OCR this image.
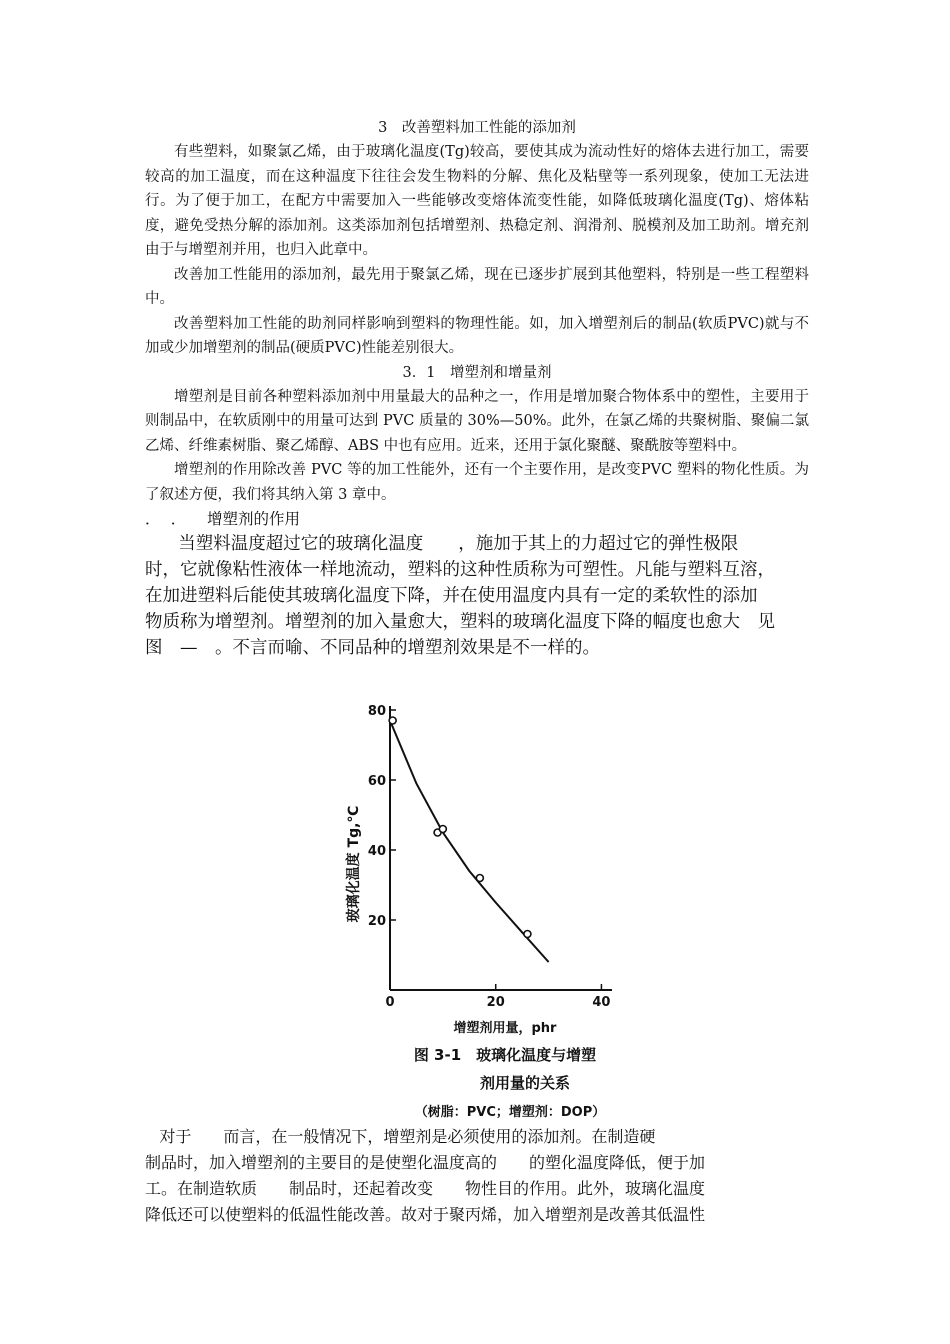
3　改善塑料加工性能的添加剂

有些塑料，如聚氯乙烯，由于玻璃化温度(Tg)较高，要使其成为流动性好的熔体去进行加工，需要较高的加工温度，而在这种温度下往往会发生物料的分解、焦化及粘壁等一系列现象，使加工无法进行。为了便于加工，在配方中需要加入一些能够改变熔体流变性能，如降低玻璃化温度(Tg)、熔体粘度，避免受热分解的添加剂。这类添加剂包括增塑剂、热稳定剂、润滑剂、脱模剂及加工助剂。增充剂由于与增塑剂并用，也归入此章中。

改善加工性能用的添加剂，最先用于聚氯乙烯，现在已逐步扩展到其他塑料，特别是一些工程塑料中。

改善塑料加工性能的助剂同样影响到塑料的物理性能。如，加入增塑剂后的制品(软质PVC)就与不加或少加增塑剂的制品(硬质PVC)性能差别很大。

3．1　增塑剂和增量剂

增塑剂是目前各种塑料添加剂中用量最大的品种之一，作用是增加聚合物体系中的塑性，主要用于则制品中，在软质刚中的用量可达到 PVC 质量的 30%—50%。此外，在氯乙烯的共聚树脂、聚偏二氯乙烯、纤维素树脂、聚乙烯醇、ABS 中也有应用。近来，还用于氯化聚醚、聚酰胺等塑料中。

增塑剂的作用除改善 PVC 等的加工性能外，还有一个主要作用，是改变PVC 塑料的物化性质。为了叙述方便，我们将其纳入第 3 章中。

．． 增塑剂的作用

当塑料温度超过它的玻璃化温度　　，施加于其上的力超过它的弹性极限

时，它就像粘性液体一样地流动，塑料的这种性质称为可塑性。凡能与塑料互溶，

在加进塑料后能使其玻璃化温度下降，并在使用温度内具有一定的柔软性的添加

物质称为增塑剂。增塑剂的加入量愈大，塑料的玻璃化温度下降的幅度也愈大　见

图　—　。不言而喻、不同品种的增塑剂效果是不一样的。

20
40
60
80
0	20	40
玻璃化温度 Tg,℃
增塑剂用量，phr
图 3-1　玻璃化温度与增塑
剂用量的关系
（树脂：PVC；增塑剂：DOP）

对于　　而言，在一般情况下，增塑剂是必须使用的添加剂。在制造硬

制品时，加入增塑剂的主要目的是使塑化温度高的　　的塑化温度降低，便于加

工。在制造软质　　制品时，还起着改变　　物性目的作用。此外，玻璃化温度

降低还可以使塑料的低温性能改善。故对于聚丙烯，加入增塑剂是改善其低温性
